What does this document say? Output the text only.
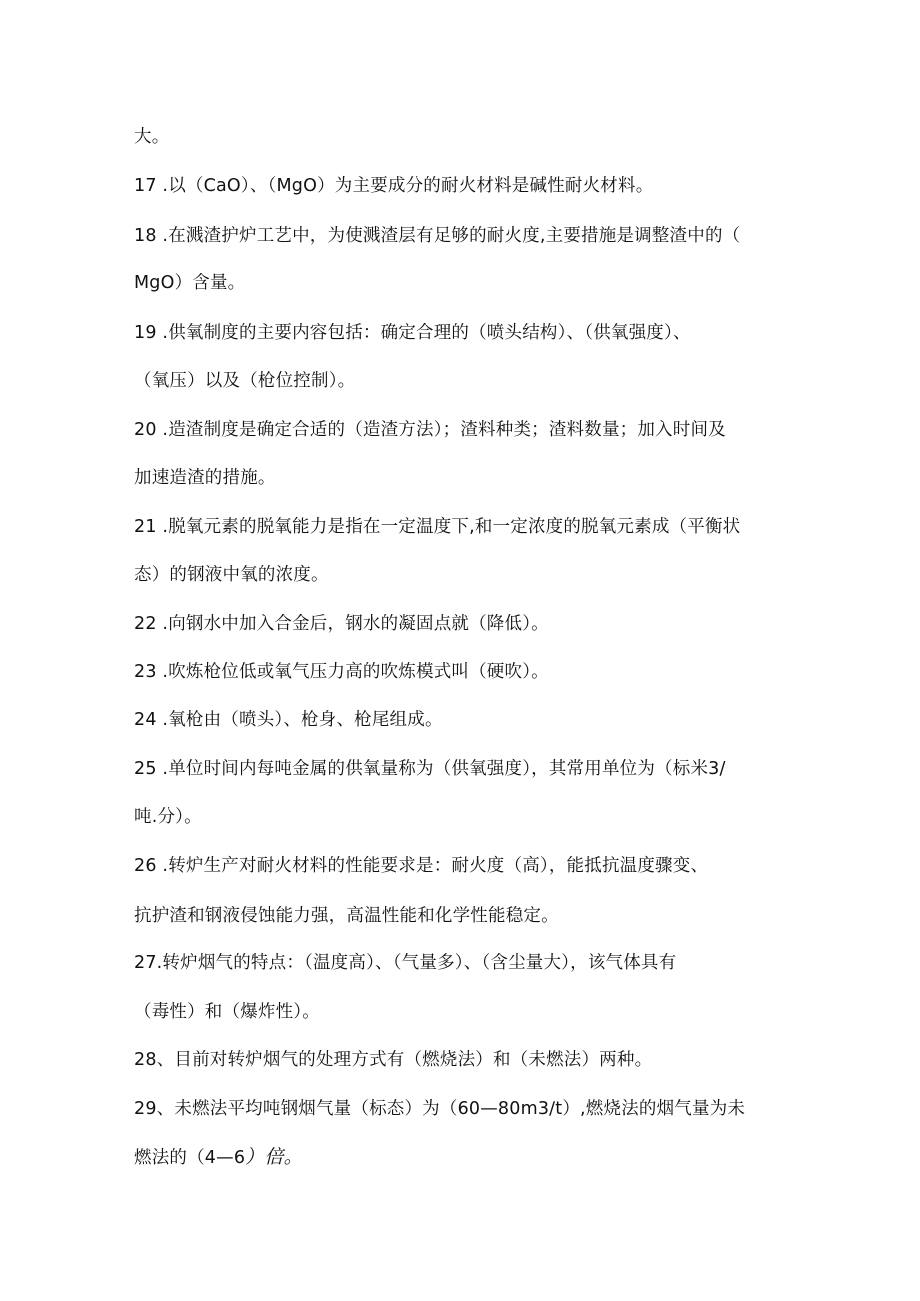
大。
17 .以（CaO）、（MgO）为主要成分的耐火材料是碱性耐火材料。
18 .在溅渣护炉工艺中，为使溅渣层有足够的耐火度,主要措施是调整渣中的（
MgO）含量。
19 .供氧制度的主要内容包括：确定合理的（喷头结构）、（供氧强度）、
（氧压）以及（枪位控制）。
20 .造渣制度是确定合适的（造渣方法）；渣料种类；渣料数量；加入时间及
加速造渣的措施。
21 .脱氧元素的脱氧能力是指在一定温度下,和一定浓度的脱氧元素成（平衡状
态）的钢液中氧的浓度。
22 .向钢水中加入合金后，钢水的凝固点就（降低）。
23 .吹炼枪位低或氧气压力高的吹炼模式叫（硬吹）。
24 .氧枪由（喷头）、枪身、枪尾组成。
25 .单位时间内每吨金属的供氧量称为（供氧强度），其常用单位为（标米3/
吨.分）。
26 .转炉生产对耐火材料的性能要求是：耐火度（高），能抵抗温度骤变、
抗护渣和钢液侵蚀能力强，高温性能和化学性能稳定。
27.转炉烟气的特点：（温度高）、（气量多）、（含尘量大），该气体具有
（毒性）和（爆炸性）。
28、目前对转炉烟气的处理方式有（燃烧法）和（未燃法）两种。
29、未燃法平均吨钢烟气量（标态）为（60—80m3∕t）,燃烧法的烟气量为未
燃法的（4—6）倍。
